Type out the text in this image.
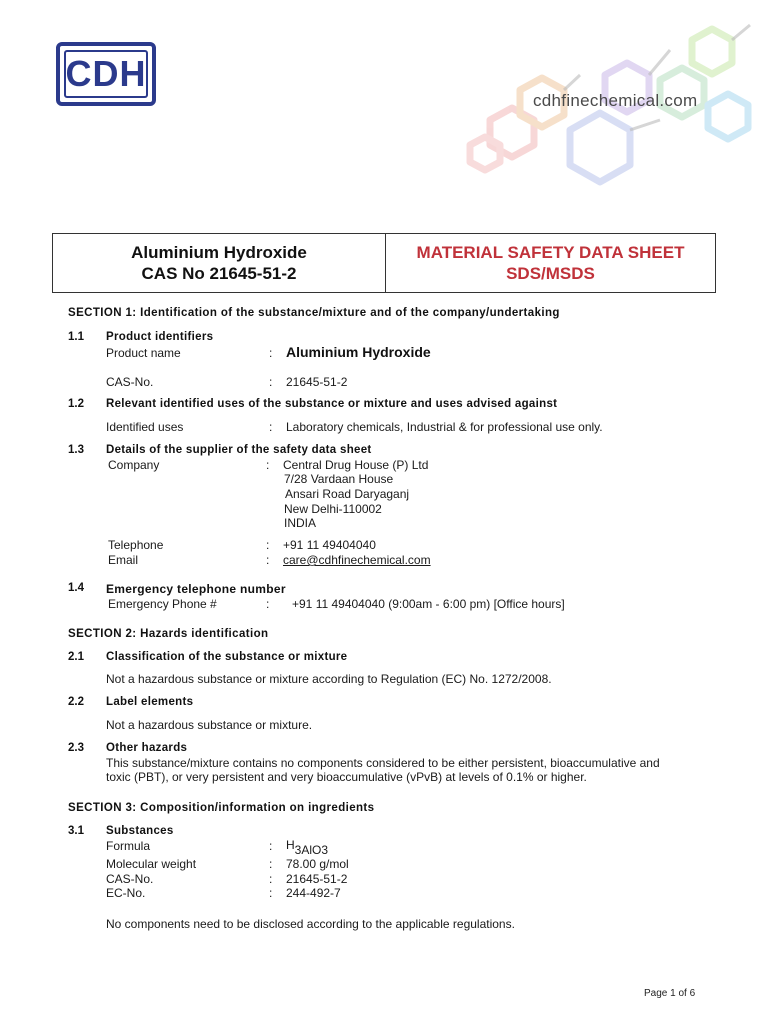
CDH
cdhfinechemical.com
Aluminium Hydroxide
CAS No 21645-51-2
MATERIAL SAFETY DATA SHEET
SDS/MSDS
SECTION 1: Identification of the substance/mixture and of the company/undertaking
1.1 Product identifiers
Product name	: Aluminium Hydroxide
CAS-No.	: 21645-51-2
1.2 Relevant identified uses of the substance or mixture and uses advised against
Identified uses	: Laboratory chemicals, Industrial & for professional use only.
1.3 Details of the supplier of the safety data sheet
Company	: Central Drug House (P) Ltd
7/28 Vardaan House
Ansari Road Daryaganj
New Delhi-110002
INDIA
Telephone	: +91 11 49404040
Email	: care@cdhfinechemical.com
1.4 Emergency telephone number
Emergency Phone #	: +91 11 49404040 (9:00am - 6:00 pm) [Office hours]
SECTION 2: Hazards identification
2.1 Classification of the substance or mixture
Not a hazardous substance or mixture according to Regulation (EC) No. 1272/2008.
2.2 Label elements
Not a hazardous substance or mixture.
2.3 Other hazards
This substance/mixture contains no components considered to be either persistent, bioaccumulative and
toxic (PBT), or very persistent and very bioaccumulative (vPvB) at levels of 0.1% or higher.
SECTION 3: Composition/information on ingredients
3.1 Substances
Formula	: H3AlO3
Molecular weight	: 78.00 g/mol
CAS-No.	: 21645-51-2
EC-No.	: 244-492-7
No components need to be disclosed according to the applicable regulations.
Page 1 of 6
